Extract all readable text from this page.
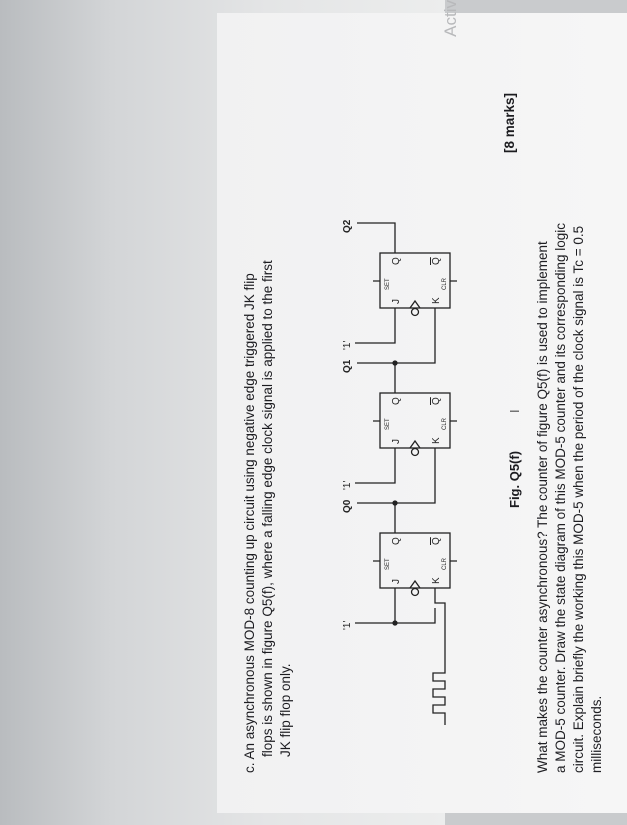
c. An asynchronous MOD-8 counting up circuit using negative edge triggered JK flip flops is shown in figure Q5(f), where a falling edge clock signal is applied to the first JK flip flop only.
'1'
'1'
'1'
Q0
Q1
Q2
J
Q
K
Q
SET	CLR
J
Q
K
Q
SET	CLR
J
Q
K
Q
SET	CLR
Fig. Q5(f)
I What makes the counter asynchronous? The counter of figure Q5(f) is used to implement a MOD-5 counter. Draw the state diagram of this MOD-5 counter and its corresponding logic circuit. Explain briefly the working this MOD-5 when the period of the clock signal is Tc = 0.5 milliseconds.
[8 marks]
Activ
